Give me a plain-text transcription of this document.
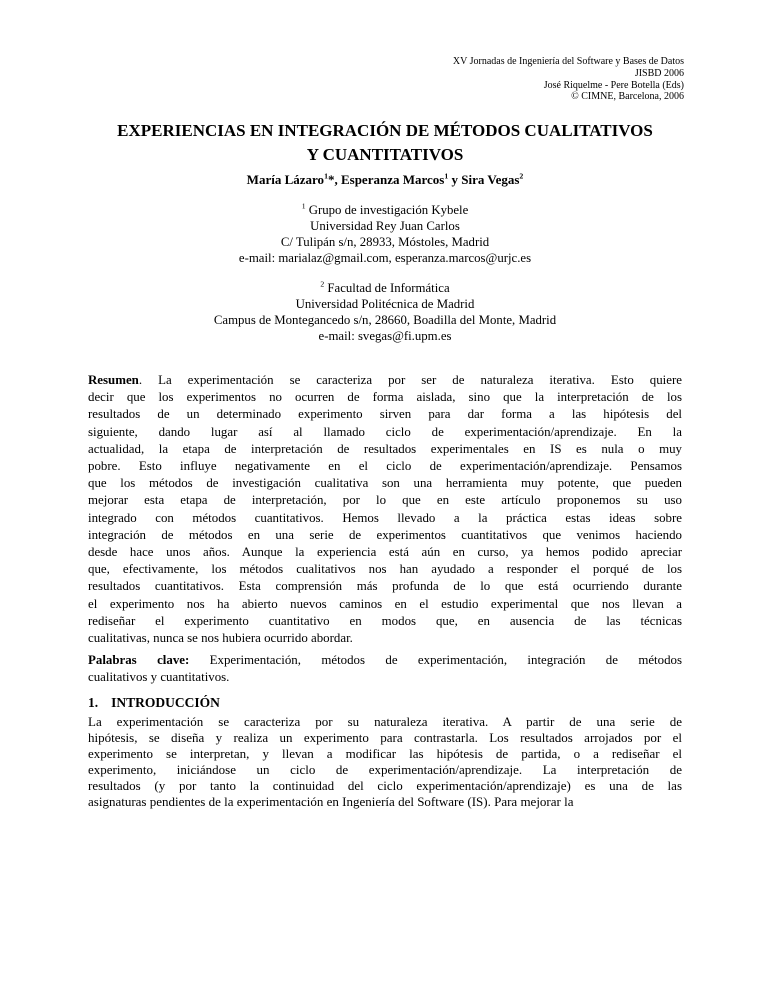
XV Jornadas de Ingeniería del Software y Bases de Datos
JISBD 2006
José Riquelme - Pere Botella (Eds)
© CIMNE, Barcelona, 2006
EXPERIENCIAS EN INTEGRACIÓN DE MÉTODOS CUALITATIVOS
Y CUANTITATIVOS
María Lázaro$^1$*, Esperanza Marcos$^1$ y Sira Vegas$^2$
$^1$ Grupo de investigación Kybele
Universidad Rey Juan Carlos
C/ Tulipán s/n, 28933, Móstoles, Madrid
e-mail: marialaz@gmail.com, esperanza.marcos@urjc.es
$^2$ Facultad de Informática
Universidad Politécnica de Madrid
Campus de Montegancedo s/n, 28660, Boadilla del Monte, Madrid
e-mail: svegas@fi.upm.es
Resumen. La experimentación se caracteriza por ser de naturaleza iterativa. Esto quiere
decir que los experimentos no ocurren de forma aislada, sino que la interpretación de los
resultados de un determinado experimento sirven para dar forma a las hipótesis del
siguiente, dando lugar así al llamado ciclo de experimentación/aprendizaje. En la
actualidad, la etapa de interpretación de resultados experimentales en IS es nula o muy
pobre. Esto influye negativamente en el ciclo de experimentación/aprendizaje. Pensamos
que los métodos de investigación cualitativa son una herramienta muy potente, que pueden
mejorar esta etapa de interpretación, por lo que en este artículo proponemos su uso
integrado con métodos cuantitativos. Hemos llevado a la práctica estas ideas sobre
integración de métodos en una serie de experimentos cuantitativos que venimos haciendo
desde hace unos años. Aunque la experiencia está aún en curso, ya hemos podido apreciar
que, efectivamente, los métodos cualitativos nos han ayudado a responder el porqué de los
resultados cuantitativos. Esta comprensión más profunda de lo que está ocurriendo durante
el experimento nos ha abierto nuevos caminos en el estudio experimental que nos llevan a
rediseñar el experimento cuantitativo en modos que, en ausencia de las técnicas
cualitativas, nunca se nos hubiera ocurrido abordar.
Palabras clave: Experimentación, métodos de experimentación, integración de métodos
cualitativos y cuantitativos.
1. INTRODUCCIÓN
La experimentación se caracteriza por su naturaleza iterativa. A partir de una serie de
hipótesis, se diseña y realiza un experimento para contrastarla. Los resultados arrojados por el
experimento se interpretan, y llevan a modificar las hipótesis de partida, o a rediseñar el
experimento, iniciándose un ciclo de experimentación/aprendizaje. La interpretación de
resultados (y por tanto la continuidad del ciclo experimentación/aprendizaje) es una de las
asignaturas pendientes de la experimentación en Ingeniería del Software (IS). Para mejorar la
